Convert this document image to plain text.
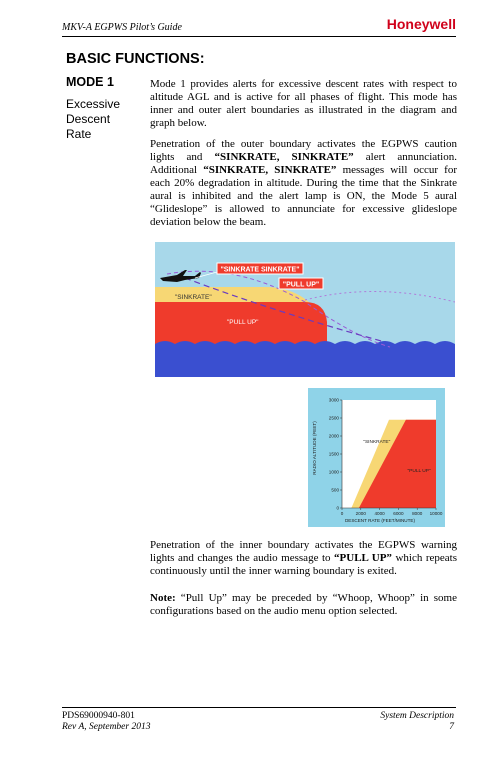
MKV-A EGPWS Pilot’s Guide	Honeywell
BASIC FUNCTIONS:
MODE 1
Excessive Descent Rate

Mode 1 provides alerts for excessive descent rates with respect to altitude AGL and is active for all phases of flight. This mode has inner and outer alert boundaries as illustrated in the diagram and graph below.

Penetration of the outer boundary activates the EGPWS caution lights and “SINKRATE, SINKRATE” alert annunciation. Additional “SINKRATE, SINKRATE” messages will occur for each 20% degradation in altitude. During the time that the Sinkrate aural is inhibited and the alert lamp is ON, the Mode 5 aural “Glideslope” is allowed to annunciate for excessive glideslope deviation below the beam.

"SINKRATE SINKRATE"
"PULL UP"
"SINKRATE"
"PULL UP"
0
500
1000
1500
2000
2500
3000
0	2000 4000 6000 8000 10000
"SINKRATE"
"PULL UP"
RADIO ALTITUDE (FEET)
DESCENT RATE (FEET/MINUTE)

Penetration of the inner boundary activates the EGPWS warning lights and changes the audio message to “PULL UP” which repeats continuously until the inner warning boundary is exited.

Note: “Pull Up” may be preceded by “Whoop, Whoop” in some configurations based on the audio menu option selected.

PDS69000940-801
Rev A, September 2013
System Description
7
